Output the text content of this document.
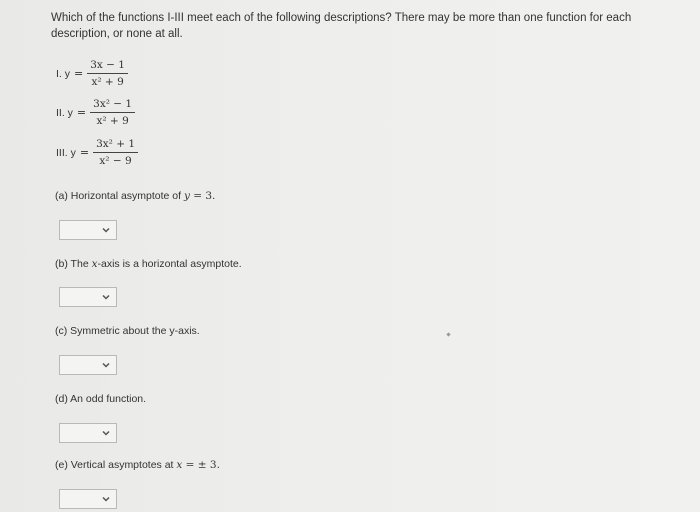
Which of the functions I-III meet each of the following descriptions? There may be more than one function for each description, or none at all.
I. $y = \frac{3x - 1}{\text{x² + 9}}$
II. $y = \frac{\text{3x² − 1}}{\text{x² + 9}}$
III. $y = \frac{\text{3x² + 1}}{\text{x² − 9}}$
(a) Horizontal asymptote of y = 3.
(b) The x-axis is a horizontal asymptote.
(c) Symmetric about the y-axis.
(d) An odd function.
(e) Vertical asymptotes at x = ± 3.
